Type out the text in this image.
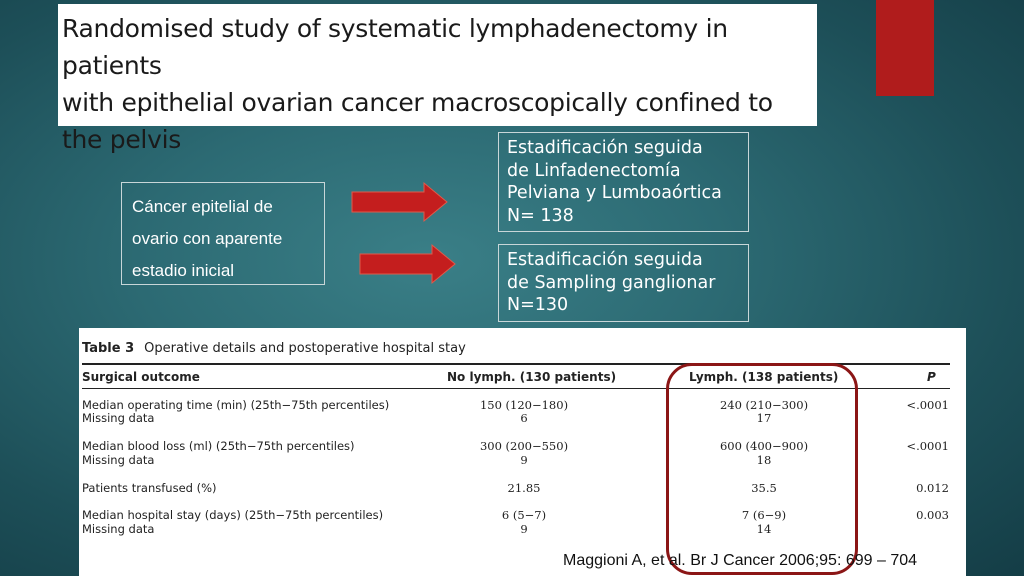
Randomised study of systematic lymphadenectomy in patients
with epithelial ovarian cancer macroscopically confined to
the pelvis
Cáncer epitelial de
ovario con aparente
estadio inicial
Estadificación seguida
de Linfadenectomía
Pelviana y Lumboaórtica
N= 138
Estadificación seguida
de Sampling ganglionar
N=130
Table 3 Operative details and postoperative hospital stay
Surgical outcome	No lymph. (130 patients)	Lymph. (138 patients)	P
Median operating time (min) (25th−75th percentiles)	150 (120−180)	240 (210−300)	<.0001
Missing data	6	17
Median blood loss (ml) (25th−75th percentiles)	300 (200−550)	600 (400−900)	<.0001
Missing data	9	18
Patients transfused (%)	21.85	35.5	0.012
Median hospital stay (days) (25th−75th percentiles)	6 (5−7)	7 (6−9)	0.003
Missing data	9	14
Maggioni A, et al. Br J Cancer 2006;95: 699 – 704
